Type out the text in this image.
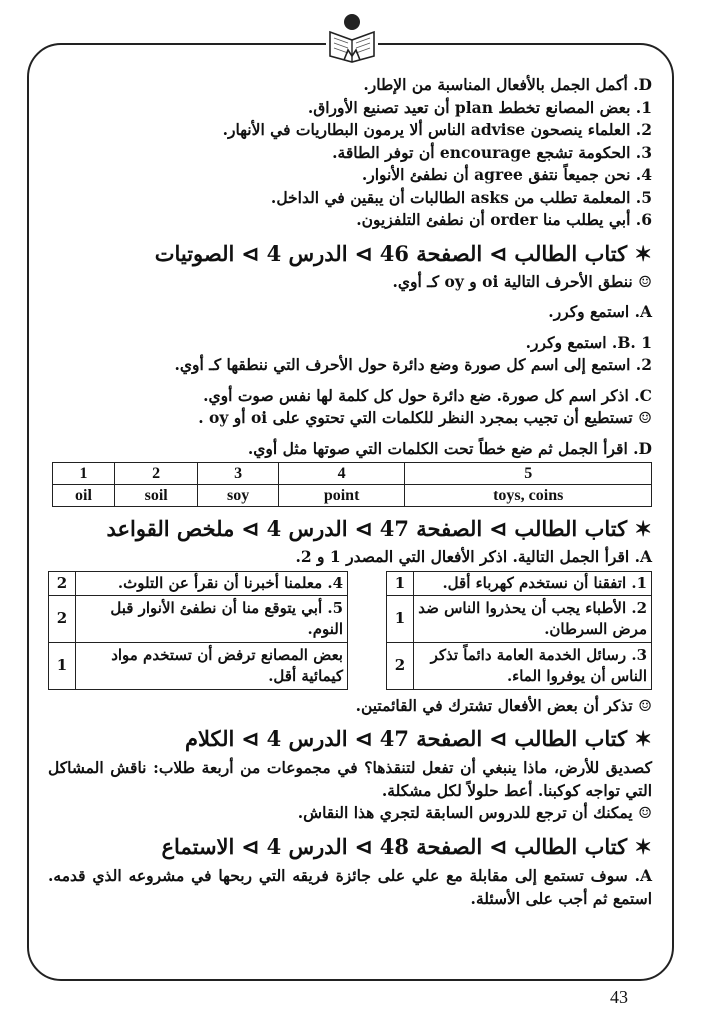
D. أكمل الجمل بالأفعال المناسبة من الإطار.
1. بعض المصانع تخطط plan أن تعيد تصنيع الأوراق.
2. العلماء ينصحون advise الناس ألا يرمون البطاريات في الأنهار.
3. الحكومة تشجع encourage أن توفر الطاقة.
4. نحن جميعاً نتفق agree أن نطفئ الأنوار.
5. المعلمة تطلب من asks الطالبات أن يبقين في الداخل.
6. أبي يطلب منا order أن نطفئ التلفزيون.
✶ كتاب الطالب ⊳ الصفحة 46 ⊳ الدرس 4 ⊳ الصوتيات
☺ ننطق الأحرف التالية oi و oy كـ أوي.
A. استمع وكرر.
B. 1. استمع وكرر.
2. استمع إلى اسم كل صورة وضع دائرة حول الأحرف التي ننطقها كـ أوي.
C. اذكر اسم كل صورة. ضع دائرة حول كل كلمة لها نفس صوت أوي.
☺ تستطيع أن تجيب بمجرد النظر للكلمات التي تحتوي على oi أو oy .
D. اقرأ الجمل ثم ضع خطاً تحت الكلمات التي صوتها مثل أوي.
1	2	3	4	5
oil	soil	soy	point	toys, coins
✶ كتاب الطالب ⊳ الصفحة 47 ⊳ الدرس 4 ⊳ ملخص القواعد
A. اقرأ الجمل التالية. اذكر الأفعال التي المصدر 1 و 2.
1. اتفقنا أن نستخدم كهرباء أقل.	1
2. الأطباء يجب أن يحذروا الناس ضد مرض السرطان.	1
3. رسائل الخدمة العامة دائماً تذكر الناس أن يوفروا الماء.	2
4. معلمنا أخبرنا أن نقرأ عن التلوث.	2
5. أبي يتوقع منا أن نطفئ الأنوار قبل النوم.	2
بعض المصانع ترفض أن تستخدم مواد كيمائية أقل.	1
☺ تذكر أن بعض الأفعال تشترك في القائمتين.
✶ كتاب الطالب ⊳ الصفحة 47 ⊳ الدرس 4 ⊳ الكلام
كصديق للأرض، ماذا ينبغي أن تفعل لتنقذها؟ في مجموعات من أربعة طلاب: ناقش المشاكل التي تواجه كوكبنا. أعط حلولاً لكل مشكلة.
☺ يمكنك أن ترجع للدروس السابقة لتجري هذا النقاش.
✶ كتاب الطالب ⊳ الصفحة 48 ⊳ الدرس 4 ⊳ الاستماع
A. سوف تستمع إلى مقابلة مع علي على جائزة فريقه التي ربحها في مشروعه الذي قدمه. استمع ثم أجب على الأسئلة.
43
